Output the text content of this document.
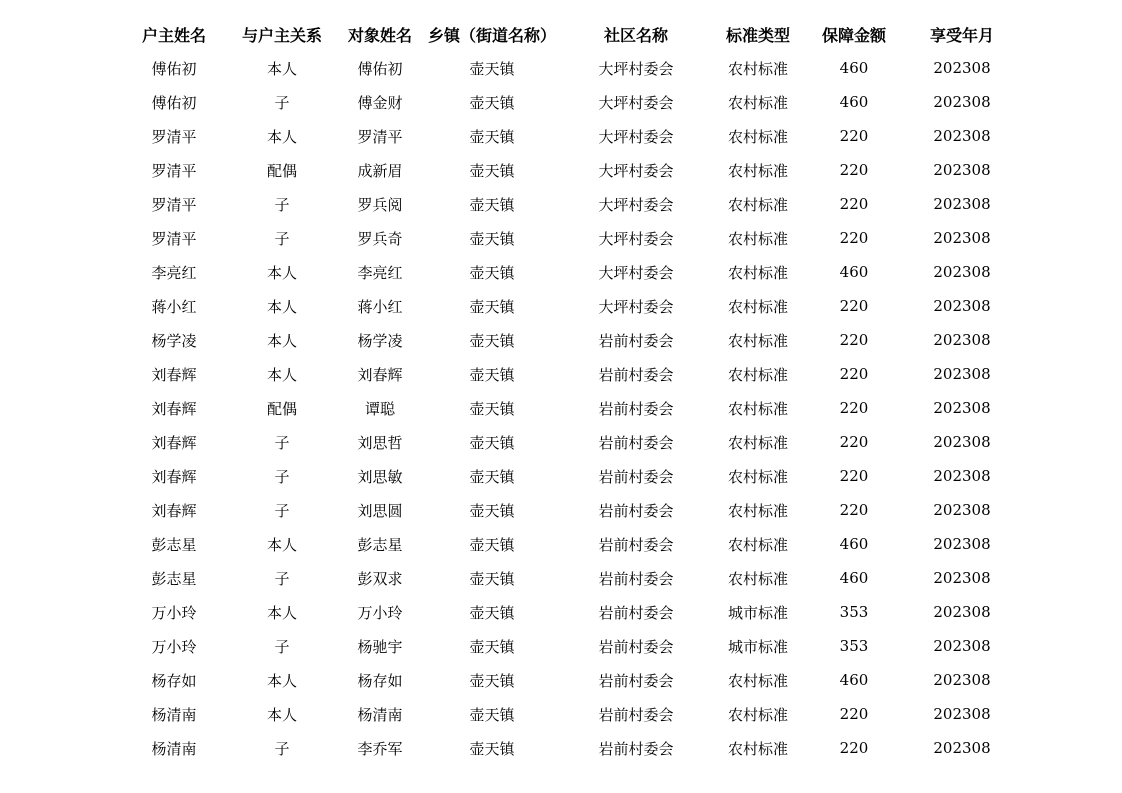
户主姓名	与户主关系	对象姓名	乡镇（街道名称）	社区名称	标准类型	保障金额	享受年月
傅佑初	本人	傅佑初	壶天镇	大坪村委会	农村标准	460	202308
傅佑初	子	傅金财	壶天镇	大坪村委会	农村标准	460	202308
罗清平	本人	罗清平	壶天镇	大坪村委会	农村标准	220	202308
罗清平	配偶	成新眉	壶天镇	大坪村委会	农村标准	220	202308
罗清平	子	罗兵阅	壶天镇	大坪村委会	农村标准	220	202308
罗清平	子	罗兵奇	壶天镇	大坪村委会	农村标准	220	202308
李亮红	本人	李亮红	壶天镇	大坪村委会	农村标准	460	202308
蒋小红	本人	蒋小红	壶天镇	大坪村委会	农村标准	220	202308
杨学凌	本人	杨学凌	壶天镇	岩前村委会	农村标准	220	202308
刘春辉	本人	刘春辉	壶天镇	岩前村委会	农村标准	220	202308
刘春辉	配偶	谭聪	壶天镇	岩前村委会	农村标准	220	202308
刘春辉	子	刘思哲	壶天镇	岩前村委会	农村标准	220	202308
刘春辉	子	刘思敏	壶天镇	岩前村委会	农村标准	220	202308
刘春辉	子	刘思圆	壶天镇	岩前村委会	农村标准	220	202308
彭志星	本人	彭志星	壶天镇	岩前村委会	农村标准	460	202308
彭志星	子	彭双求	壶天镇	岩前村委会	农村标准	460	202308
万小玲	本人	万小玲	壶天镇	岩前村委会	城市标准	353	202308
万小玲	子	杨驰宇	壶天镇	岩前村委会	城市标准	353	202308
杨存如	本人	杨存如	壶天镇	岩前村委会	农村标准	460	202308
杨清南	本人	杨清南	壶天镇	岩前村委会	农村标准	220	202308
杨清南	子	李乔军	壶天镇	岩前村委会	农村标准	220	202308
